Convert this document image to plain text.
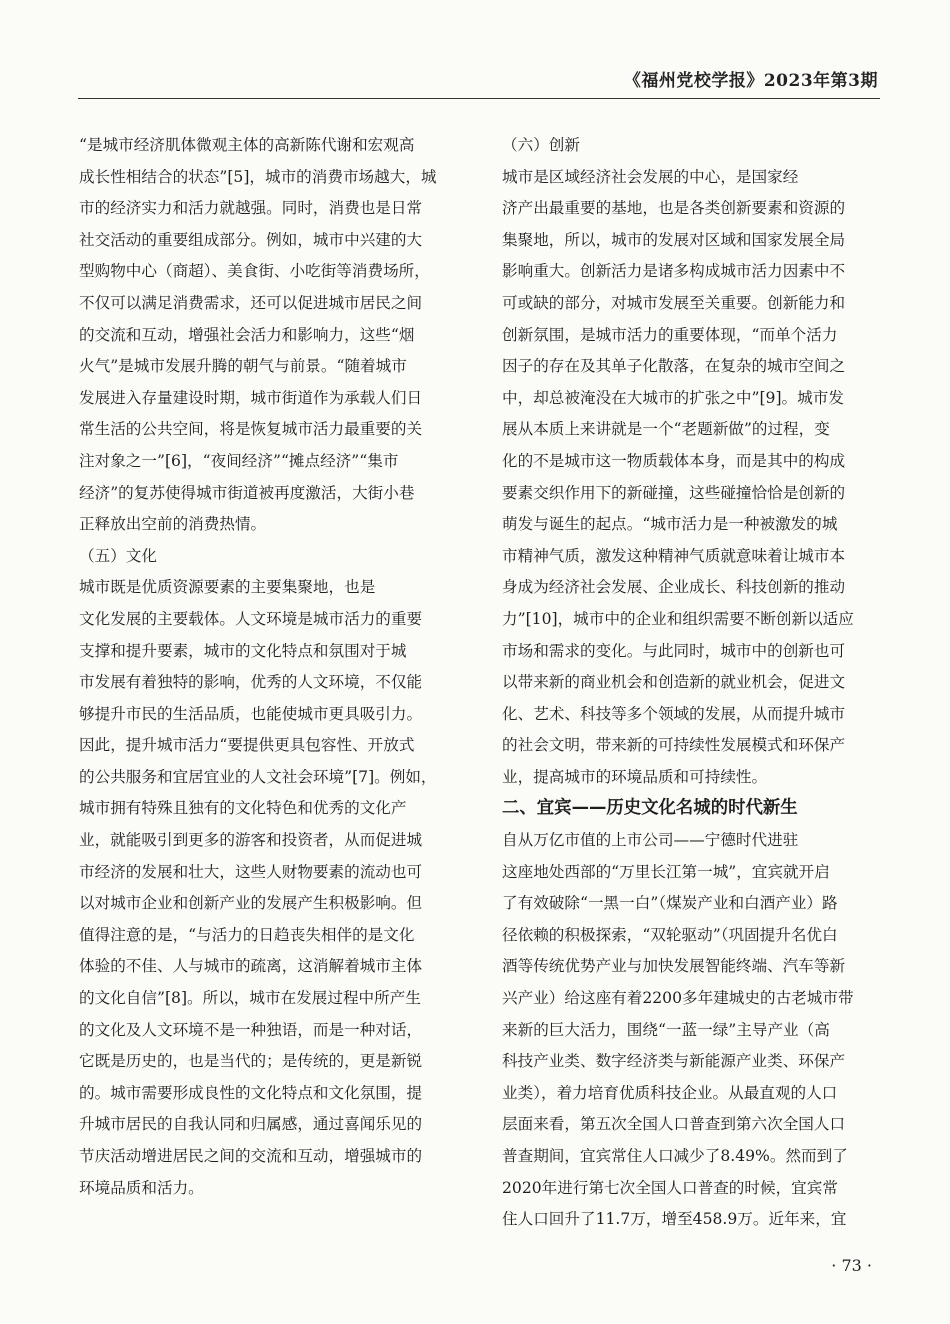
《福州党校学报》2023年第3期
“是城市经济肌体微观主体的高新陈代谢和宏观高
成长性相结合的状态”[5]，城市的消费市场越大，城
市的经济实力和活力就越强。同时，消费也是日常
社交活动的重要组成部分。例如，城市中兴建的大
型购物中心（商超）、美食街、小吃街等消费场所，
不仅可以满足消费需求，还可以促进城市居民之间
的交流和互动，增强社会活力和影响力，这些“烟
火气”是城市发展升腾的朝气与前景。“随着城市
发展进入存量建设时期，城市街道作为承载人们日
常生活的公共空间，将是恢复城市活力最重要的关
注对象之一”[6]，“夜间经济”“摊点经济”“集市
经济”的复苏使得城市街道被再度激活，大街小巷
正释放出空前的消费热情。
（五）文化
城市既是优质资源要素的主要集聚地，也是
文化发展的主要载体。人文环境是城市活力的重要
支撑和提升要素，城市的文化特点和氛围对于城
市发展有着独特的影响，优秀的人文环境，不仅能
够提升市民的生活品质，也能使城市更具吸引力。
因此，提升城市活力“要提供更具包容性、开放式
的公共服务和宜居宜业的人文社会环境”[7]。例如，
城市拥有特殊且独有的文化特色和优秀的文化产
业，就能吸引到更多的游客和投资者，从而促进城
市经济的发展和壮大，这些人财物要素的流动也可
以对城市企业和创新产业的发展产生积极影响。但
值得注意的是，“与活力的日趋丧失相伴的是文化
体验的不佳、人与城市的疏离，这消解着城市主体
的文化自信”[8]。所以，城市在发展过程中所产生
的文化及人文环境不是一种独语，而是一种对话，
它既是历史的，也是当代的；是传统的，更是新锐
的。城市需要形成良性的文化特点和文化氛围，提
升城市居民的自我认同和归属感，通过喜闻乐见的
节庆活动增进居民之间的交流和互动，增强城市的
环境品质和活力。
（六）创新
城市是区域经济社会发展的中心，是国家经
济产出最重要的基地，也是各类创新要素和资源的
集聚地，所以，城市的发展对区域和国家发展全局
影响重大。创新活力是诸多构成城市活力因素中不
可或缺的部分，对城市发展至关重要。创新能力和
创新氛围，是城市活力的重要体现，“而单个活力
因子的存在及其单子化散落，在复杂的城市空间之
中，却总被淹没在大城市的扩张之中”[9]。城市发
展从本质上来讲就是一个“老题新做”的过程，变
化的不是城市这一物质载体本身，而是其中的构成
要素交织作用下的新碰撞，这些碰撞恰恰是创新的
萌发与诞生的起点。“城市活力是一种被激发的城
市精神气质，激发这种精神气质就意味着让城市本
身成为经济社会发展、企业成长、科技创新的推动
力”[10]，城市中的企业和组织需要不断创新以适应
市场和需求的变化。与此同时，城市中的创新也可
以带来新的商业机会和创造新的就业机会，促进文
化、艺术、科技等多个领域的发展，从而提升城市
的社会文明，带来新的可持续性发展模式和环保产
业，提高城市的环境品质和可持续性。
二、宜宾——历史文化名城的时代新生
自从万亿市值的上市公司——宁德时代进驻
这座地处西部的“万里长江第一城”，宜宾就开启
了有效破除“一黑一白”（煤炭产业和白酒产业）路
径依赖的积极探索，“双轮驱动”（巩固提升名优白
酒等传统优势产业与加快发展智能终端、汽车等新
兴产业）给这座有着2200多年建城史的古老城市带
来新的巨大活力，围绕“一蓝一绿”主导产业（高
科技产业类、数字经济类与新能源产业类、环保产
业类），着力培育优质科技企业。从最直观的人口
层面来看，第五次全国人口普查到第六次全国人口
普查期间，宜宾常住人口减少了8.49%。然而到了
2020年进行第七次全国人口普查的时候，宜宾常
住人口回升了11.7万，增至458.9万。近年来，宜
· 73 ·
